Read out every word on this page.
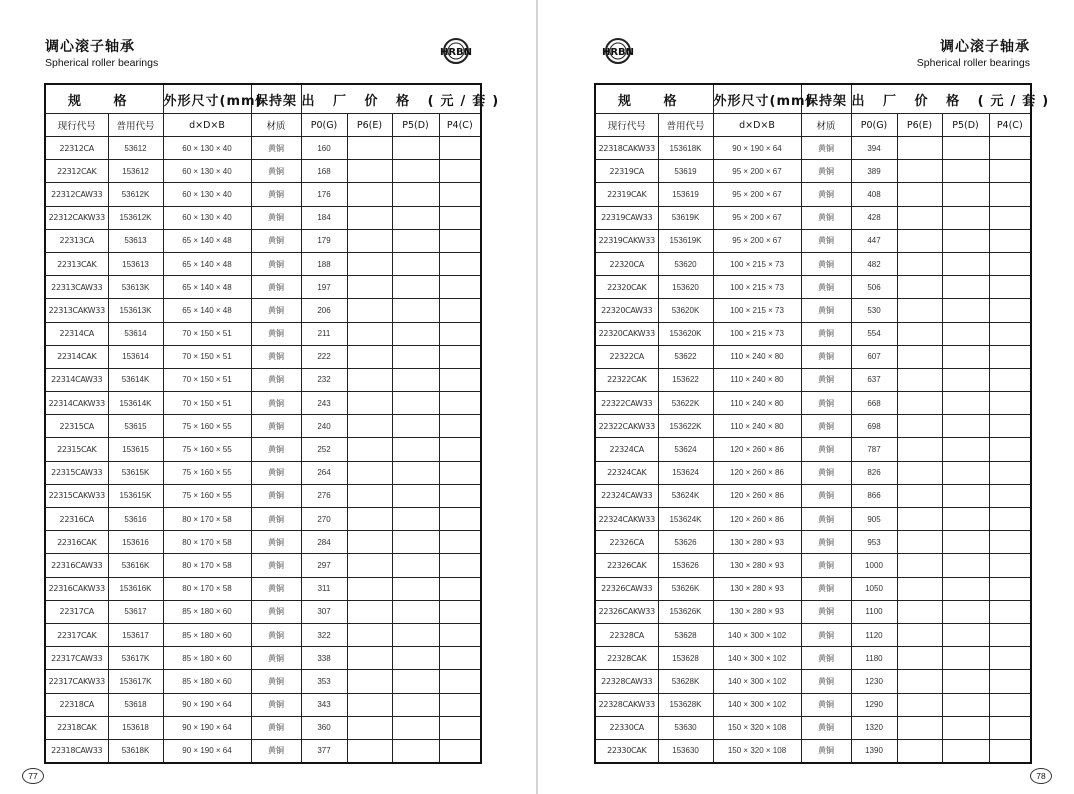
调心滚子轴承
Spherical roller bearings
HRBN
规 格		外形尺寸(mm)	保持架	出 厂 价 格 (元/套)			
现行代号	普用代号	d×D×B	材质	P0(G)	P6(E)	P5(D)	P4(C)
22312CA	53612	60 × 130 × 40	黄铜	160			
22312CAK	153612	60 × 130 × 40	黄铜	168			
22312CAW33	53612K	60 × 130 × 40	黄铜	176			
22312CAKW33	153612K	60 × 130 × 40	黄铜	184			
22313CA	53613	65 × 140 × 48	黄铜	179			
22313CAK	153613	65 × 140 × 48	黄铜	188			
22313CAW33	53613K	65 × 140 × 48	黄铜	197			
22313CAKW33	153613K	65 × 140 × 48	黄铜	206			
22314CA	53614	70 × 150 × 51	黄铜	211			
22314CAK	153614	70 × 150 × 51	黄铜	222			
22314CAW33	53614K	70 × 150 × 51	黄铜	232			
22314CAKW33	153614K	70 × 150 × 51	黄铜	243			
22315CA	53615	75 × 160 × 55	黄铜	240			
22315CAK	153615	75 × 160 × 55	黄铜	252			
22315CAW33	53615K	75 × 160 × 55	黄铜	264			
22315CAKW33	153615K	75 × 160 × 55	黄铜	276			
22316CA	53616	80 × 170 × 58	黄铜	270			
22316CAK	153616	80 × 170 × 58	黄铜	284			
22316CAW33	53616K	80 × 170 × 58	黄铜	297			
22316CAKW33	153616K	80 × 170 × 58	黄铜	311			
22317CA	53617	85 × 180 × 60	黄铜	307			
22317CAK	153617	85 × 180 × 60	黄铜	322			
22317CAW33	53617K	85 × 180 × 60	黄铜	338			
22317CAKW33	153617K	85 × 180 × 60	黄铜	353			
22318CA	53618	90 × 190 × 64	黄铜	343			
22318CAK	153618	90 × 190 × 64	黄铜	360			
22318CAW33	53618K	90 × 190 × 64	黄铜	377			
77
HRBN	调心滚子轴承
Spherical roller bearings
规 格		外形尺寸(mm)	保持架	出 厂 价 格 (元/套)			
现行代号	普用代号	d×D×B	材质	P0(G)	P6(E)	P5(D)	P4(C)
22318CAKW33	153618K	90 × 190 × 64	黄铜	394			
22319CA	53619	95 × 200 × 67	黄铜	389			
22319CAK	153619	95 × 200 × 67	黄铜	408			
22319CAW33	53619K	95 × 200 × 67	黄铜	428			
22319CAKW33	153619K	95 × 200 × 67	黄铜	447			
22320CA	53620	100 × 215 × 73	黄铜	482			
22320CAK	153620	100 × 215 × 73	黄铜	506			
22320CAW33	53620K	100 × 215 × 73	黄铜	530			
22320CAKW33	153620K	100 × 215 × 73	黄铜	554			
22322CA	53622	110 × 240 × 80	黄铜	607			
22322CAK	153622	110 × 240 × 80	黄铜	637			
22322CAW33	53622K	110 × 240 × 80	黄铜	668			
22322CAKW33	153622K	110 × 240 × 80	黄铜	698			
22324CA	53624	120 × 260 × 86	黄铜	787			
22324CAK	153624	120 × 260 × 86	黄铜	826			
22324CAW33	53624K	120 × 260 × 86	黄铜	866			
22324CAKW33	153624K	120 × 260 × 86	黄铜	905			
22326CA	53626	130 × 280 × 93	黄铜	953			
22326CAK	153626	130 × 280 × 93	黄铜	1000			
22326CAW33	53626K	130 × 280 × 93	黄铜	1050			
22326CAKW33	153626K	130 × 280 × 93	黄铜	1100			
22328CA	53628	140 × 300 × 102	黄铜	1120			
22328CAK	153628	140 × 300 × 102	黄铜	1180			
22328CAW33	53628K	140 × 300 × 102	黄铜	1230			
22328CAKW33	153628K	140 × 300 × 102	黄铜	1290			
22330CA	53630	150 × 320 × 108	黄铜	1320			
22330CAK	153630	150 × 320 × 108	黄铜	1390			
78
